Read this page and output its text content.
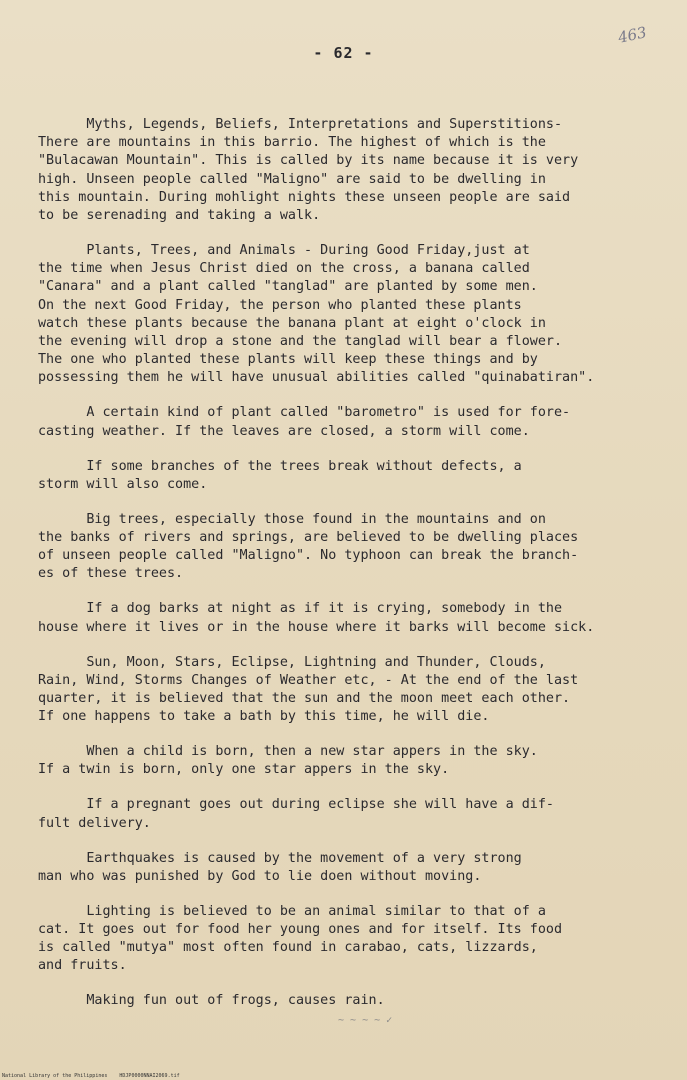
- 62 -
463
Myths, Legends, Beliefs, Interpretations and Superstitions-
There are mountains in this barrio. The highest of which is the
"Bulacawan Mountain". This is called by its name because it is very
high. Unseen people called "Maligno" are said to be dwelling in
this mountain. During mohlight nights these unseen people are said
to be serenading and taking a walk.
Plants, Trees, and Animals - During Good Friday,just at
the time when Jesus Christ died on the cross, a banana called
"Canara" and a plant called "tanglad" are planted by some men.
On the next Good Friday, the person who planted these plants
watch these plants because the banana plant at eight o'clock in
the evening will drop a stone and the tanglad will bear a flower.
The one who planted these plants will keep these things and by
possessing them he will have unusual abilities called "quinabatiran".
A certain kind of plant called "barometro" is used for fore-
casting weather. If the leaves are closed, a storm will come.
If some branches of the trees break without defects, a
storm will also come.
Big trees, especially those found in the mountains and on
the banks of rivers and springs, are believed to be dwelling places
of unseen people called "Maligno". No typhoon can break the branch-
es of these trees.
If a dog barks at night as if it is crying, somebody in the
house where it lives or in the house where it barks will become sick.
Sun, Moon, Stars, Eclipse, Lightning and Thunder, Clouds,
Rain, Wind, Storms Changes of Weather etc, - At the end of the last
quarter, it is believed that the sun and the moon meet each other.
If one happens to take a bath by this time, he will die.
When a child is born, then a new star appers in the sky.
If a twin is born, only one star appers in the sky.
If a pregnant goes out during eclipse she will have a dif-
fult delivery.
Earthquakes is caused by the movement of a very strong
man who was punished by God to lie doen without moving.
Lighting is believed to be an animal similar to that of a
cat. It goes out for food her young ones and for itself. Its food
is called "mutya" most often found in carabao, cats, lizzards,
and fruits.
Making fun out of frogs, causes rain.
~ ~ ~ ~ ✓
National Library of the Philippines    HDJP0000NNAI2069.tif
